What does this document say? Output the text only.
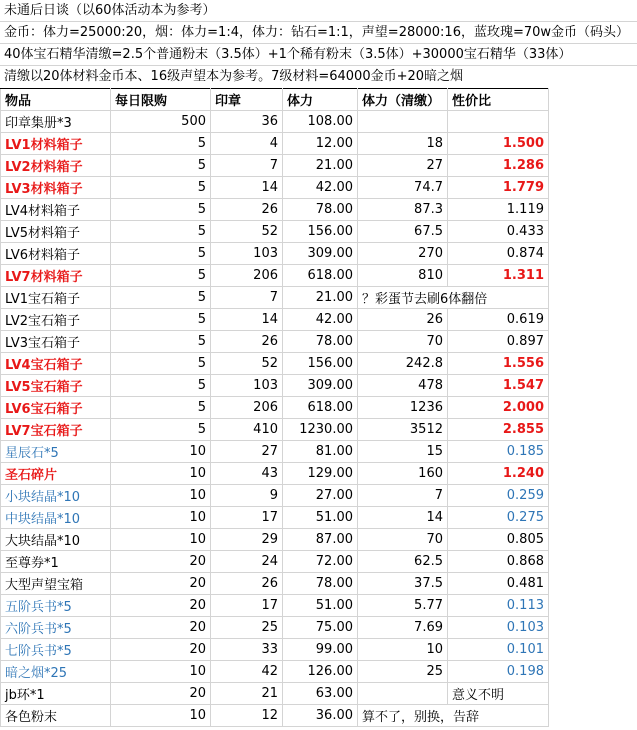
未通后日谈（以60体活动本为参考）
金币：体力=25000:20，烟：体力=1:4，体力：钻石=1:1，声望=28000:16，蓝玫瑰=70w金币（码头）
40体宝石精华清缴=2.5个普通粉末（3.5体）+1个稀有粉末（3.5体）+30000宝石精华（33体）
清缴以20体材料金币本、16级声望本为参考。7级材料=64000金币+20暗之烟
物品	每日限购	印章	体力	体力（清缴）	性价比
印章集册*3	500	36	108.00		
LV1材料箱子	5	4	12.00	18	1.500
LV2材料箱子	5	7	21.00	27	1.286
LV3材料箱子	5	14	42.00	74.7	1.779
LV4材料箱子	5	26	78.00	87.3	1.119
LV5材料箱子	5	52	156.00	67.5	0.433
LV6材料箱子	5	103	309.00	270	0.874
LV7材料箱子	5	206	618.00	810	1.311
LV1宝石箱子	5	7	21.00	？彩蛋节去刷6体翻倍	
LV2宝石箱子	5	14	42.00	26	0.619
LV3宝石箱子	5	26	78.00	70	0.897
LV4宝石箱子	5	52	156.00	242.8	1.556
LV5宝石箱子	5	103	309.00	478	1.547
LV6宝石箱子	5	206	618.00	1236	2.000
LV7宝石箱子	5	410	1230.00	3512	2.855
星辰石*5	10	27	81.00	15	0.185
圣石碎片	10	43	129.00	160	1.240
小块结晶*10	10	9	27.00	7	0.259
中块结晶*10	10	17	51.00	14	0.275
大块结晶*10	10	29	87.00	70	0.805
至尊券*1	20	24	72.00	62.5	0.868
大型声望宝箱	20	26	78.00	37.5	0.481
五阶兵书*5	20	17	51.00	5.77	0.113
六阶兵书*5	20	25	75.00	7.69	0.103
七阶兵书*5	20	33	99.00	10	0.101
暗之烟*25	10	42	126.00	25	0.198
jb环*1	20	21	63.00		意义不明
各色粉末	10	12	36.00	算不了，别换，告辞	
